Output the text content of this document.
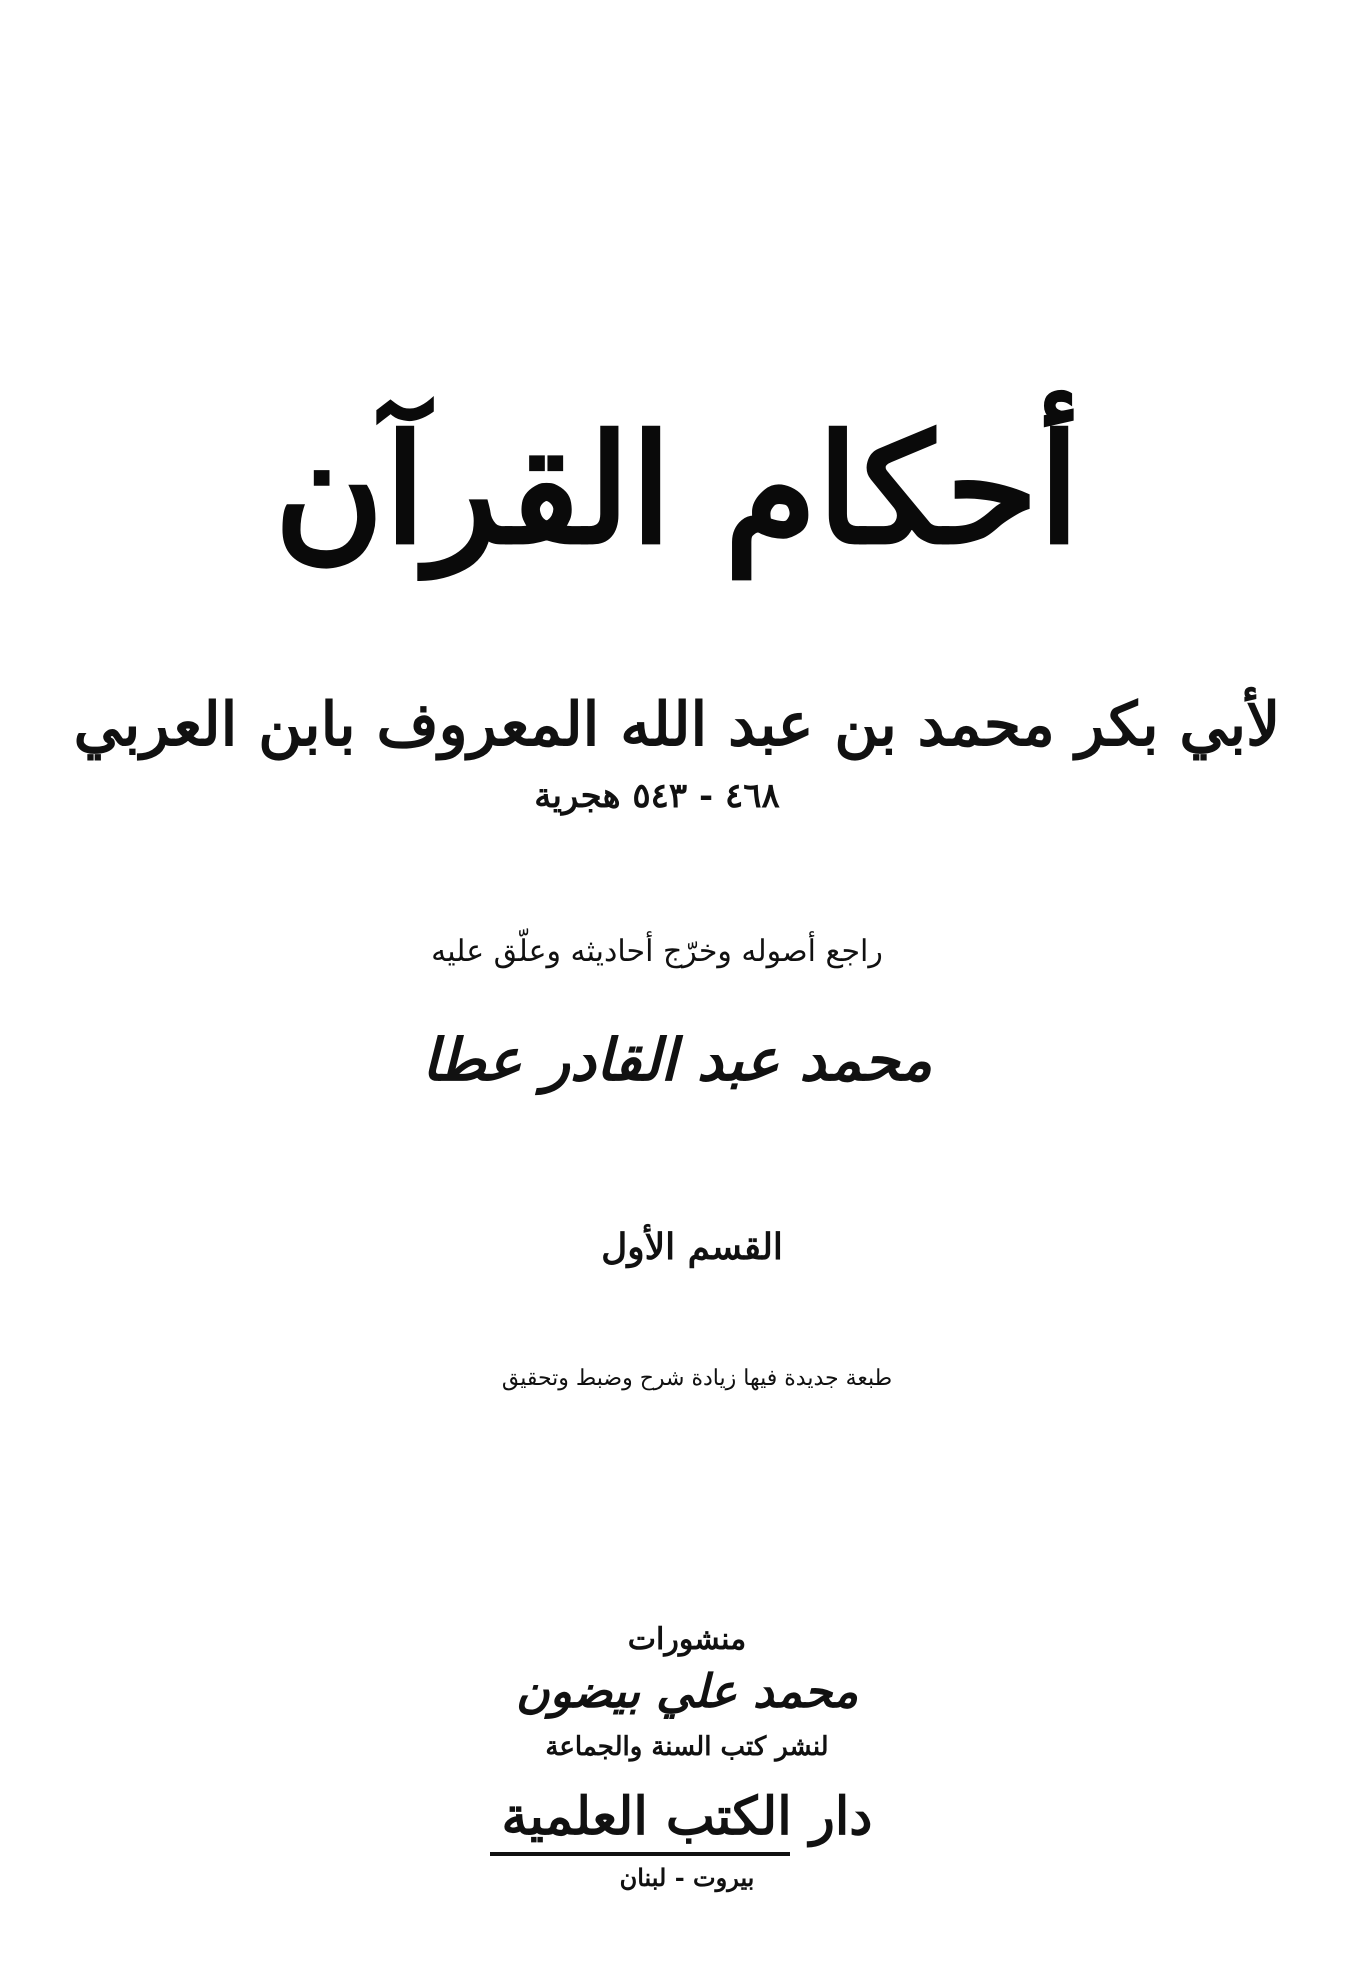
أحكام القرآن
لأبي بكر محمد بن عبد الله المعروف بابن العربي
٤٦٨ - ٥٤٣ هجرية
راجع أصوله وخرّج أحاديثه وعلّق عليه
محمد عبد القادر عطا
القسم الأول
طبعة جديدة فيها زيادة شرح وضبط وتحقيق
منشورات
محمد علي بيضون
لنشر كتب السنة والجماعة
دار الكتب العلمية
بيروت - لبنان
